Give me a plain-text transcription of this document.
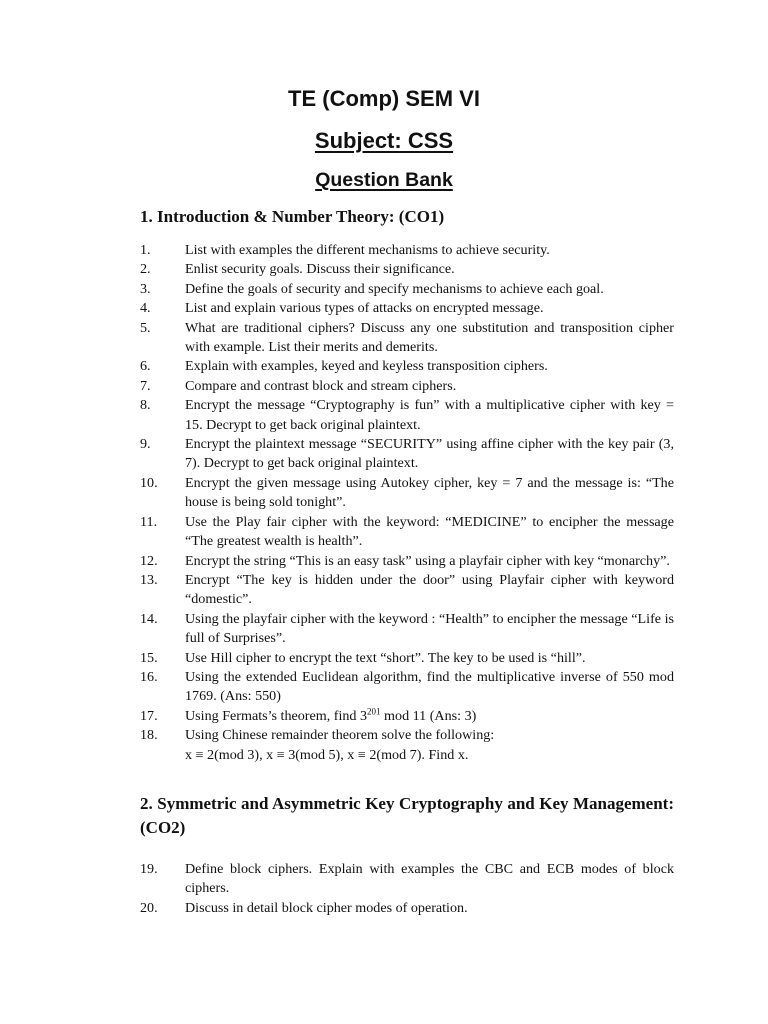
TE (Comp) SEM VI
Subject: CSS
Question Bank
1. Introduction & Number Theory: (CO1)
1.	List with examples the different mechanisms to achieve security.
2.	Enlist security goals. Discuss their significance.
3.	Define the goals of security and specify mechanisms to achieve each goal.
4.	List and explain various types of attacks on encrypted message.
5.	What are traditional ciphers? Discuss any one substitution and transposition cipher with example. List their merits and demerits.
6.	Explain with examples, keyed and keyless transposition ciphers.
7.	Compare and contrast block and stream ciphers.
8.	Encrypt the message “Cryptography is fun” with a multiplicative cipher with key = 15. Decrypt to get back original plaintext.
9.	Encrypt the plaintext message “SECURITY” using affine cipher with the key pair (3, 7). Decrypt to get back original plaintext.
10.	Encrypt the given message using Autokey cipher, key = 7 and the message is: “The house is being sold tonight”.
11.	Use the Play fair cipher with the keyword: “MEDICINE” to encipher the message “The greatest wealth is health”.
12.	Encrypt the string “This is an easy task” using a playfair cipher with key “monarchy”.
13.	Encrypt “The key is hidden under the door” using Playfair cipher with keyword “domestic”.
14.	Using the playfair cipher with the keyword : “Health” to encipher the message “Life is full of Surprises”.
15.	Use Hill cipher to encrypt the text “short”. The key to be used is “hill”.
16.	Using the extended Euclidean algorithm, find the multiplicative inverse of 550 mod 1769. (Ans: 550)
17.	Using Fermats’s theorem, find $3^{201}$ mod 11 (Ans: 3)
18.	Using Chinese remainder theorem solve the following:
x ≡ 2(mod 3), x ≡ 3(mod 5), x ≡ 2(mod 7). Find x.
2. Symmetric and Asymmetric Key Cryptography and Key Management: (CO2)
19.	Define block ciphers. Explain with examples the CBC and ECB modes of block ciphers.
20.	Discuss in detail block cipher modes of operation.
